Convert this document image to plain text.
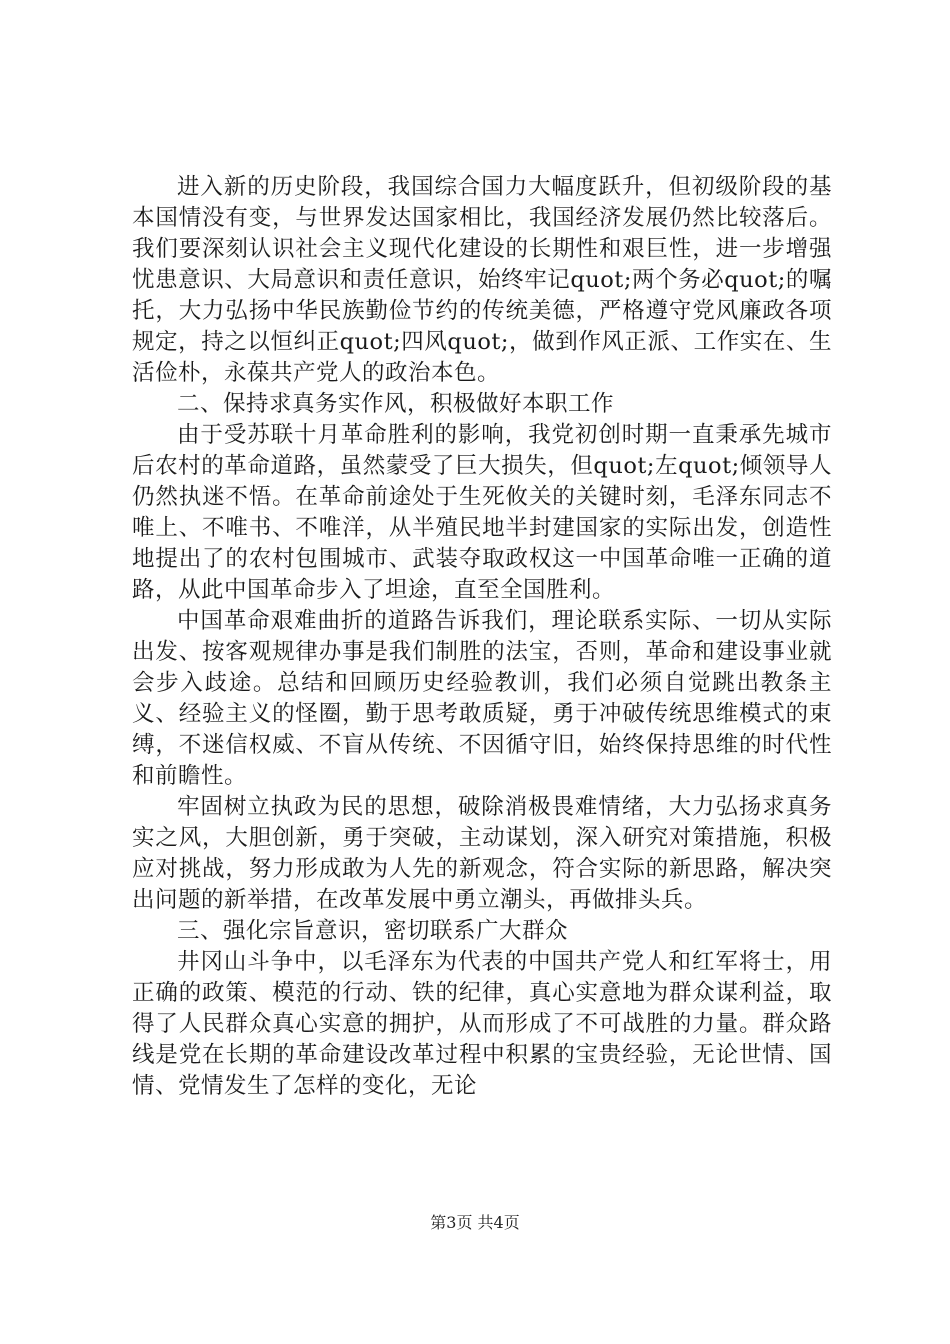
进入新的历史阶段，我国综合国力大幅度跃升，但初级阶段的基本国情没有变，与世界发达国家相比，我国经济发展仍然比较落后。我们要深刻认识社会主义现代化建设的长期性和艰巨性，进一步增强忧患意识、大局意识和责任意识，始终牢记quot;两个务必quot;的嘱托，大力弘扬中华民族勤俭节约的传统美德，严格遵守党风廉政各项规定，持之以恒纠正quot;四风quot;，做到作风正派、工作实在、生活俭朴，永葆共产党人的政治本色。

二、保持求真务实作风，积极做好本职工作

由于受苏联十月革命胜利的影响，我党初创时期一直秉承先城市后农村的革命道路，虽然蒙受了巨大损失，但quot;左quot;倾领导人仍然执迷不悟。在革命前途处于生死攸关的关键时刻，毛泽东同志不唯上、不唯书、不唯洋，从半殖民地半封建国家的实际出发，创造性地提出了的农村包围城市、武装夺取政权这一中国革命唯一正确的道路，从此中国革命步入了坦途，直至全国胜利。

中国革命艰难曲折的道路告诉我们，理论联系实际、一切从实际出发、按客观规律办事是我们制胜的法宝，否则，革命和建设事业就会步入歧途。总结和回顾历史经验教训，我们必须自觉跳出教条主义、经验主义的怪圈，勤于思考敢质疑，勇于冲破传统思维模式的束缚，不迷信权威、不盲从传统、不因循守旧，始终保持思维的时代性和前瞻性。

牢固树立执政为民的思想，破除消极畏难情绪，大力弘扬求真务实之风，大胆创新，勇于突破，主动谋划，深入研究对策措施，积极应对挑战，努力形成敢为人先的新观念，符合实际的新思路，解决突出问题的新举措，在改革发展中勇立潮头，再做排头兵。

三、强化宗旨意识，密切联系广大群众

井冈山斗争中，以毛泽东为代表的中国共产党人和红军将士，用正确的政策、模范的行动、铁的纪律，真心实意地为群众谋利益，取得了人民群众真心实意的拥护，从而形成了不可战胜的力量。群众路线是党在长期的革命建设改革过程中积累的宝贵经验，无论世情、国情、党情发生了怎样的变化，无论

第3页 共4页
